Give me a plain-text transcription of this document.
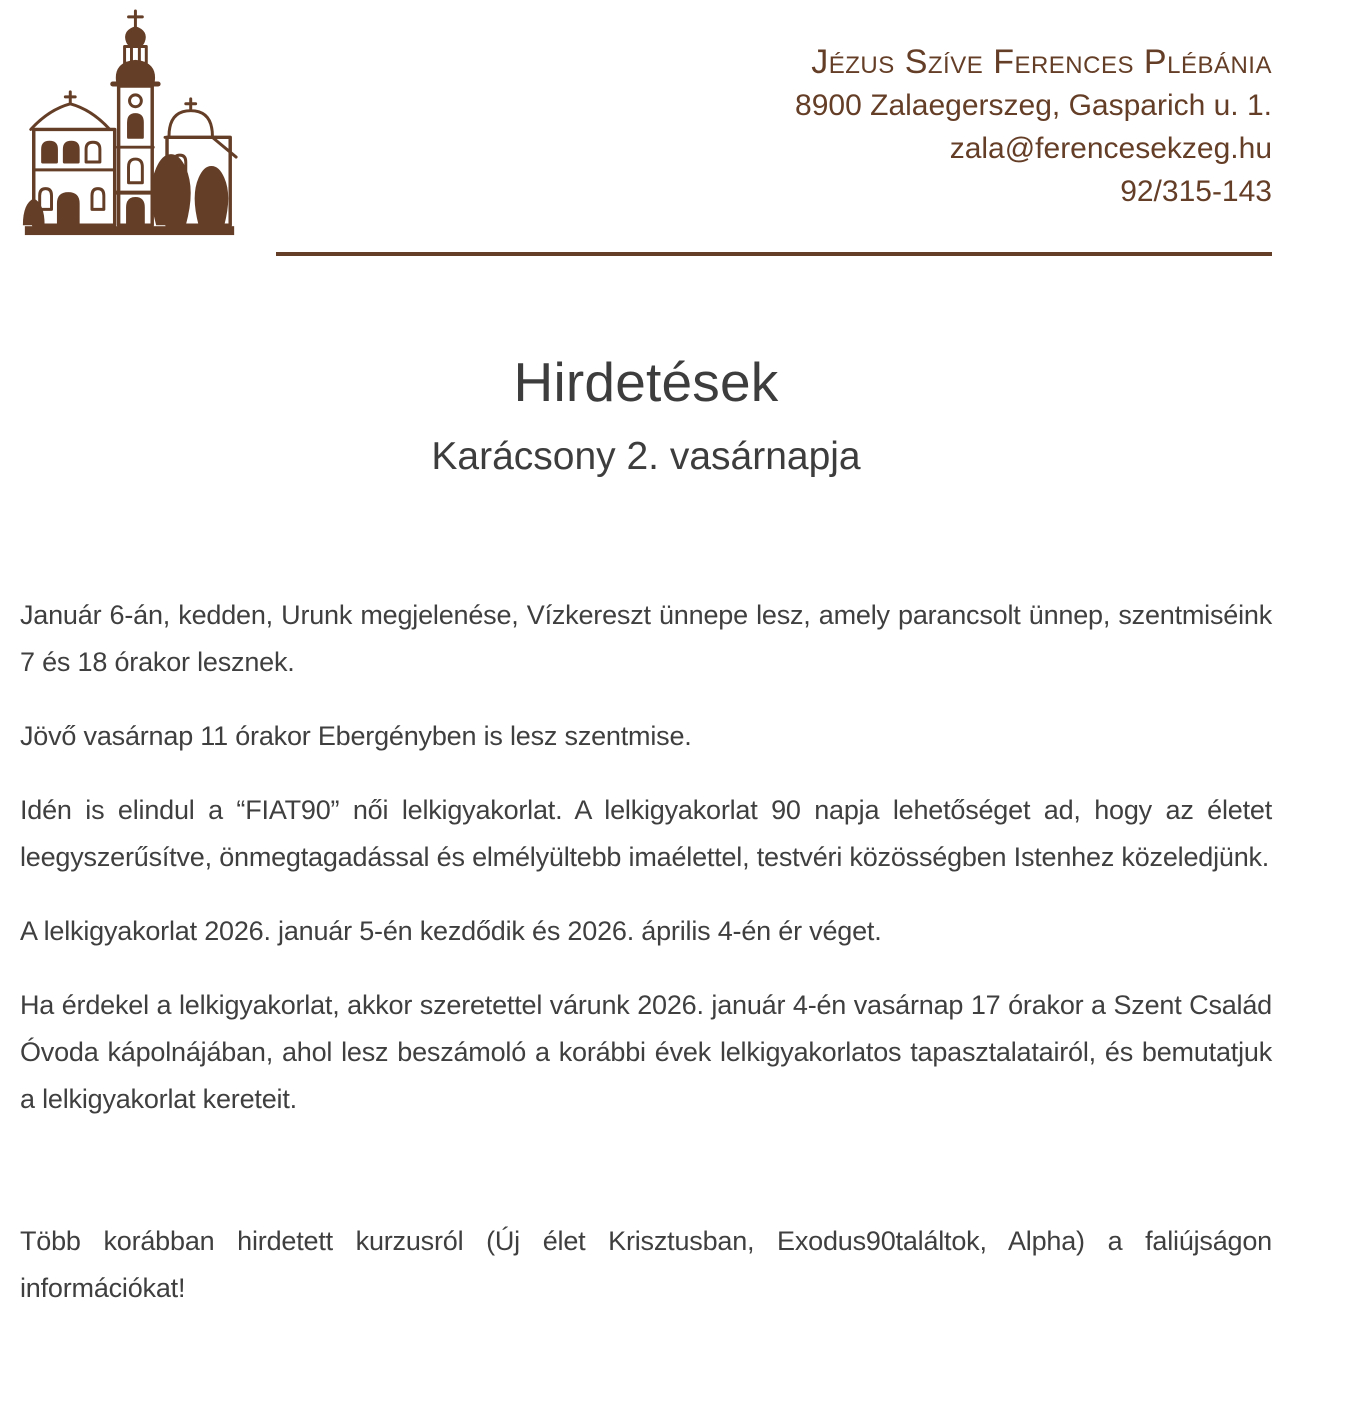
Jézus Szíve Ferences Plébánia
8900 Zalaegerszeg, Gasparich u. 1.
zala@ferencesekzeg.hu
92/315-143
Hirdetések
Karácsony 2. vasárnapja

Január 6-án, kedden, Urunk megjelenése, Vízkereszt ünnepe lesz, amely parancsolt ünnep, szentmiséink 7 és 18 órakor lesznek.

Jövő vasárnap 11 órakor Ebergényben is lesz szentmise.

Idén is elindul a “FIAT90” női lelkigyakorlat. A lelkigyakorlat 90 napja lehetőséget ad, hogy az életet leegyszerűsítve, önmegtagadással és elmélyültebb imaélettel, testvéri közösségben Istenhez közeledjünk.

A lelkigyakorlat 2026. január 5-én kezdődik és 2026. április 4-én ér véget.

Ha érdekel a lelkigyakorlat, akkor szeretettel várunk 2026. január 4-én vasárnap 17 órakor a Szent Család Óvoda kápolnájában, ahol lesz beszámoló a korábbi évek lelkigyakorlatos tapasztalatairól, és bemutatjuk a lelkigyakorlat kereteit.

Több korábban hirdetett kurzusról (Új élet Krisztusban, Exodus90találtok, Alpha) a faliújságon információkat!
